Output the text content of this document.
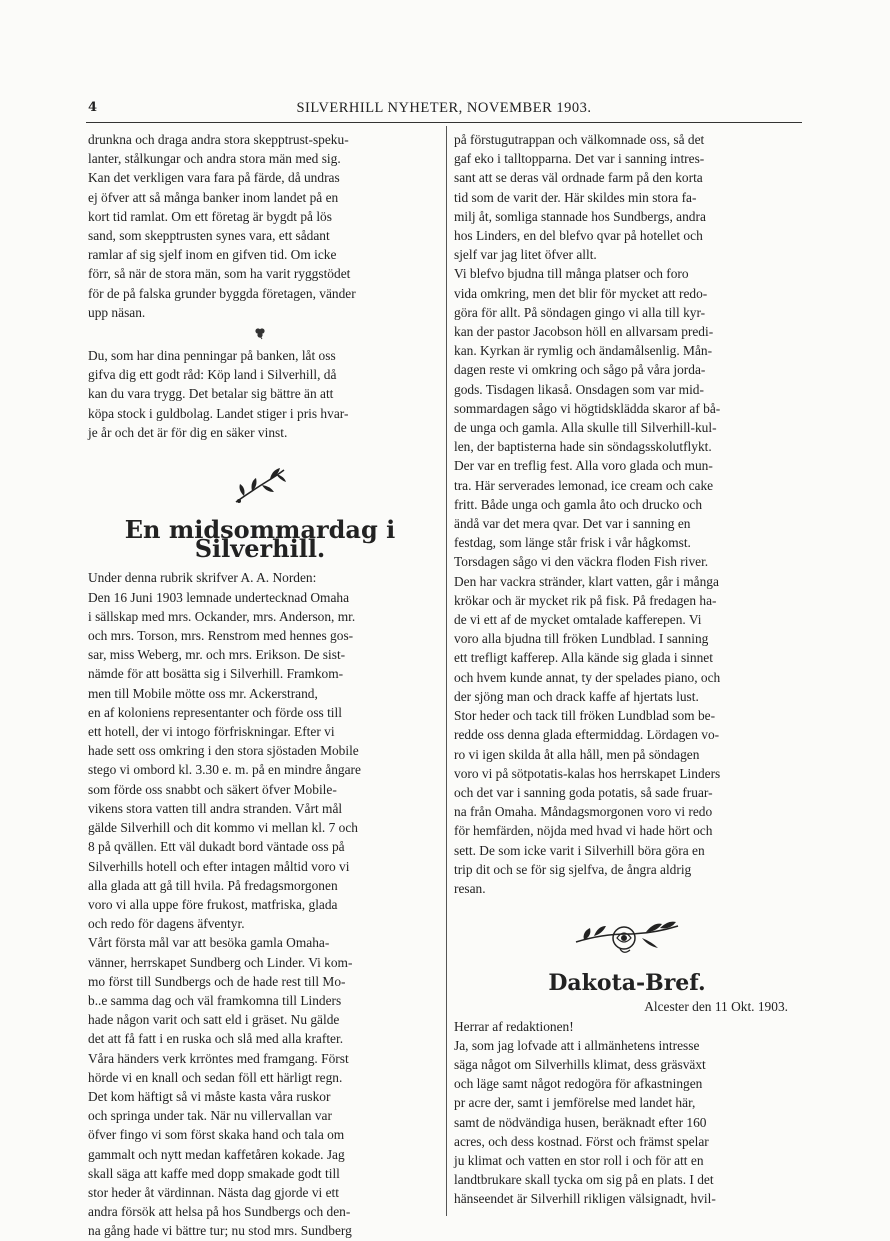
4	SILVERHILL NYHETER, NOVEMBER 1903.

drunkna och draga andra stora skepptrust-speku-
lanter, stålkungar och andra stora män med sig.
Kan det verkligen vara fara på färde, då undras
ej öfver att så många banker inom landet på en
kort tid ramlat. Om ett företag är bygdt på lös
sand, som skepptrusten synes vara, ett sådant
ramlar af sig sjelf inom en gifven tid. Om icke
förr, så när de stora män, som ha varit ryggstödet
för de på falska grunder byggda företagen, vänder
upp näsan.

Du, som har dina penningar på banken, låt oss
gifva dig ett godt råd: Köp land i Silverhill, då
kan du vara trygg. Det betalar sig bättre än att
köpa stock i guldbolag. Landet stiger i pris hvar-
je år och det är för dig en säker vinst.

En midsommardag i Silverhill.

Under denna rubrik skrifver A. A. Norden:
Den 16 Juni 1903 lemnade undertecknad Omaha
i sällskap med mrs. Ockander, mrs. Anderson, mr.
och mrs. Torson, mrs. Renstrom med hennes gos-
sar, miss Weberg, mr. och mrs. Erikson. De sist-
nämde för att bosätta sig i Silverhill. Framkom-
men till Mobile mötte oss mr. Ackerstrand,
en af koloniens representanter och förde oss till
ett hotell, der vi intogo förfriskningar. Efter vi
hade sett oss omkring i den stora sjöstaden Mobile
stego vi ombord kl. 3.30 e. m. på en mindre ångare
som förde oss snabbt och säkert öfver Mobile-
vikens stora vatten till andra stranden. Vårt mål
gälde Silverhill och dit kommo vi mellan kl. 7 och
8 på qvällen. Ett väl dukadt bord väntade oss på
Silverhills hotell och efter intagen måltid voro vi
alla glada att gå till hvila. På fredagsmorgonen
voro vi alla uppe före frukost, matfriska, glada
och redo för dagens äfventyr.

Vårt första mål var att besöka gamla Omaha-
vänner, herrskapet Sundberg och Linder. Vi kom-
mo först till Sundbergs och de hade rest till Mo-
b..e samma dag och väl framkomna till Linders
hade någon varit och satt eld i gräset. Nu gälde
det att få fatt i en ruska och slå med alla krafter.
Våra händers verk krröntes med framgang. Först
hörde vi en knall och sedan föll ett härligt regn.
Det kom häftigt så vi måste kasta våra ruskor
och springa under tak. När nu villervallan var
öfver fingo vi som först skaka hand och tala om
gammalt och nytt medan kaffetåren kokade. Jag
skall säga att kaffe med dopp smakade godt till
stor heder åt värdinnan. Nästa dag gjorde vi ett
andra försök att helsa på hos Sundbergs och den-
na gång hade vi bättre tur; nu stod mrs. Sundberg

på förstugutrappan och välkomnade oss, så det
gaf eko i talltopparna. Det var i sanning intres-
sant att se deras väl ordnade farm på den korta
tid som de varit der. Här skildes min stora fa-
milj åt, somliga stannade hos Sundbergs, andra
hos Linders, en del blefvo qvar på hotellet och
sjelf var jag litet öfver allt.

Vi blefvo bjudna till många platser och foro
vida omkring, men det blir för mycket att redo-
göra för allt. På söndagen gingo vi alla till kyr-
kan der pastor Jacobson höll en allvarsam predi-
kan. Kyrkan är rymlig och ändamålsenlig. Mån-
dagen reste vi omkring och sågo på våra jorda-
gods. Tisdagen likaså. Onsdagen som var mid-
sommardagen sågo vi högtidsklädda skaror af bå-
de unga och gamla. Alla skulle till Silverhill-kul-
len, der baptisterna hade sin söndagsskolutflykt.
Der var en treflig fest. Alla voro glada och mun-
tra. Här serverades lemonad, ice cream och cake
fritt. Både unga och gamla åto och drucko och
ändå var det mera qvar. Det var i sanning en
festdag, som länge står frisk i vår hågkomst.
Torsdagen sågo vi den väckra floden Fish river.
Den har vackra stränder, klart vatten, går i många
krökar och är mycket rik på fisk. På fredagen ha-
de vi ett af de mycket omtalade kafferepen. Vi
voro alla bjudna till fröken Lundblad. I sanning
ett trefligt kafferep. Alla kände sig glada i sinnet
och hvem kunde annat, ty der spelades piano, och
der sjöng man och drack kaffe af hjertats lust.
Stor heder och tack till fröken Lundblad som be-
redde oss denna glada eftermiddag. Lördagen vo-
ro vi igen skilda åt alla håll, men på söndagen
voro vi på sötpotatis-kalas hos herrskapet Linders
och det var i sanning goda potatis, så sade fruar-
na från Omaha. Måndagsmorgonen voro vi redo
för hemfärden, nöjda med hvad vi hade hört och
sett. De som icke varit i Silverhill böra göra en
trip dit och se för sig sjelfva, de ångra aldrig
resan.

Dakota-Bref.

Alcester den 11 Okt. 1903.

Herrar af redaktionen!

Ja, som jag lofvade att i allmänhetens intresse
säga något om Silverhills klimat, dess gräsväxt
och läge samt något redogöra för afkastningen
pr acre der, samt i jemförelse med landet här,
samt de nödvändiga husen, beräknadt efter 160
acres, och dess kostnad. Först och främst spelar
ju klimat och vatten en stor roll i och för att en
landtbrukare skall tycka om sig på en plats. I det
hänseendet är Silverhill rikligen välsignadt, hvil-
